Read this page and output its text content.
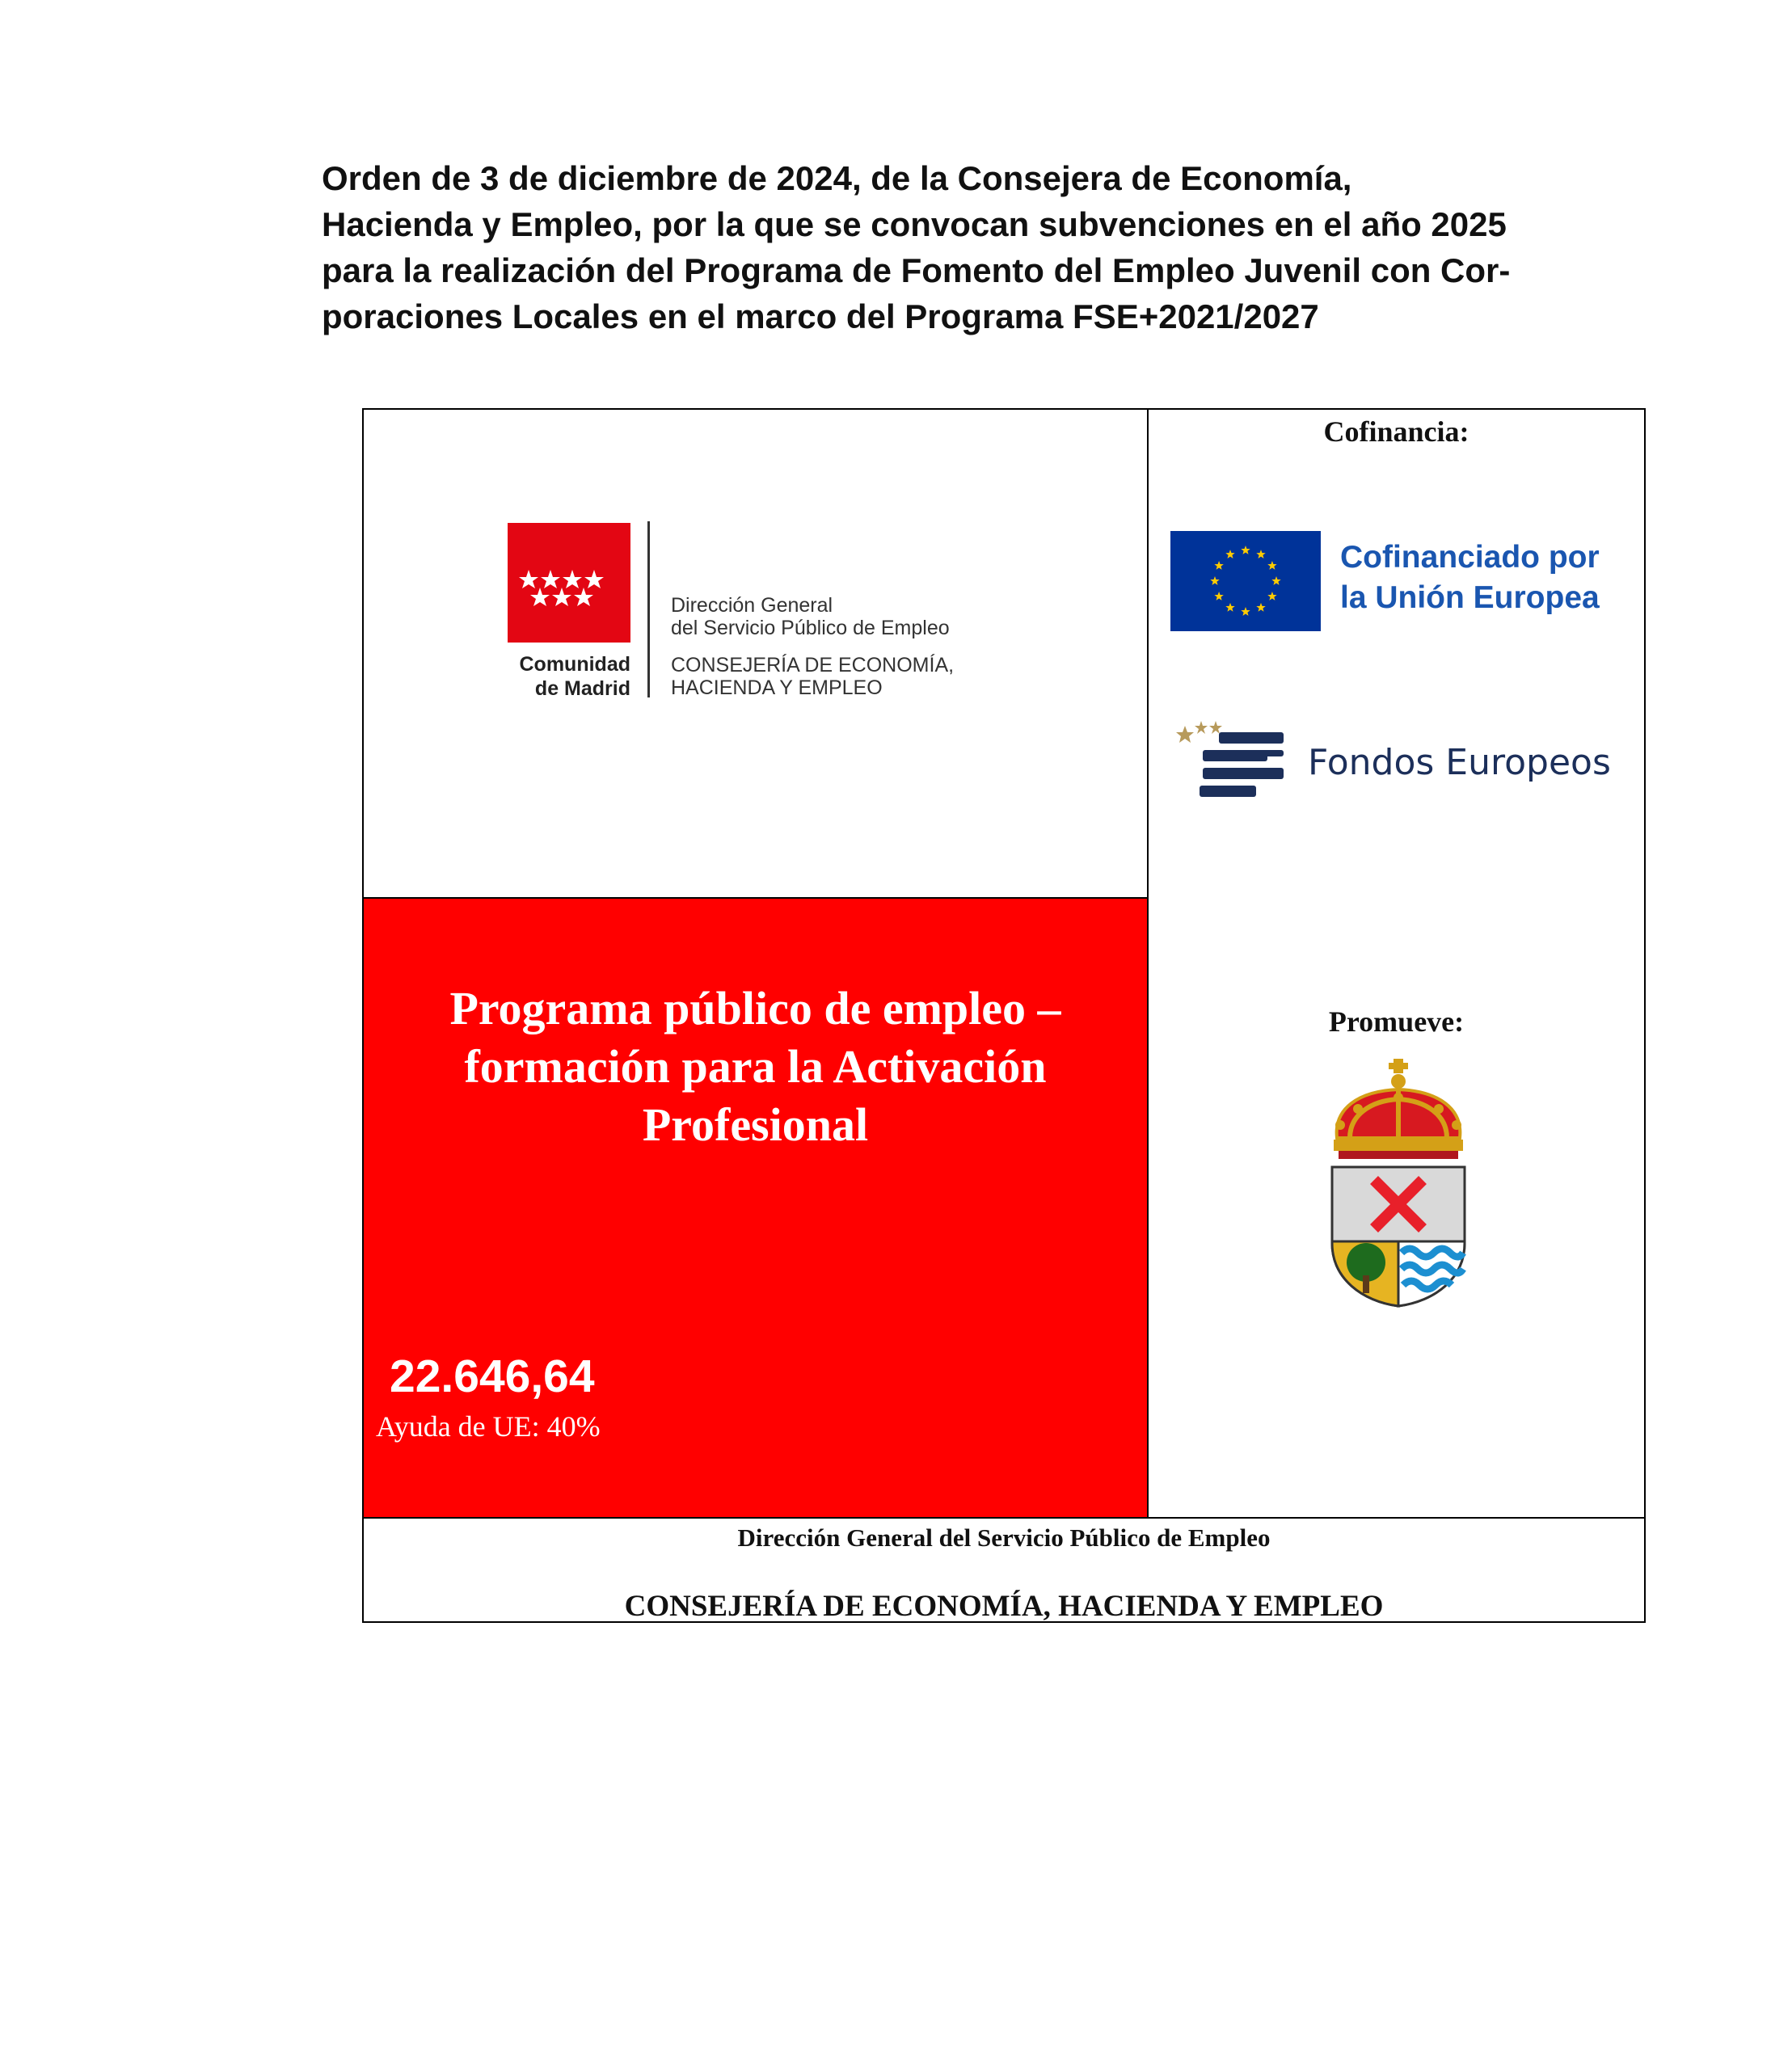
Orden de 3 de diciembre de 2024, de la Consejera de Economía,
Hacienda y Empleo, por la que se convocan subvenciones en el año 2025
para la realización del Programa de Fomento del Empleo Juvenil con Cor-
poraciones Locales en el marco del Programa FSE+2021/2027
Comunidad
de Madrid
Dirección General
del Servicio Público de Empleo
CONSEJERÍA DE ECONOMÍA,
HACIENDA Y EMPLEO
Programa público de empleo –
formación para la Activación
Profesional
22.646,64
Ayuda de UE: 40%
Cofinancia:
Cofinanciado por
la Unión Europea
Fondos Europeos
Promueve:
Dirección General del Servicio Público de Empleo
CONSEJERÍA DE ECONOMÍA, HACIENDA Y EMPLEO
